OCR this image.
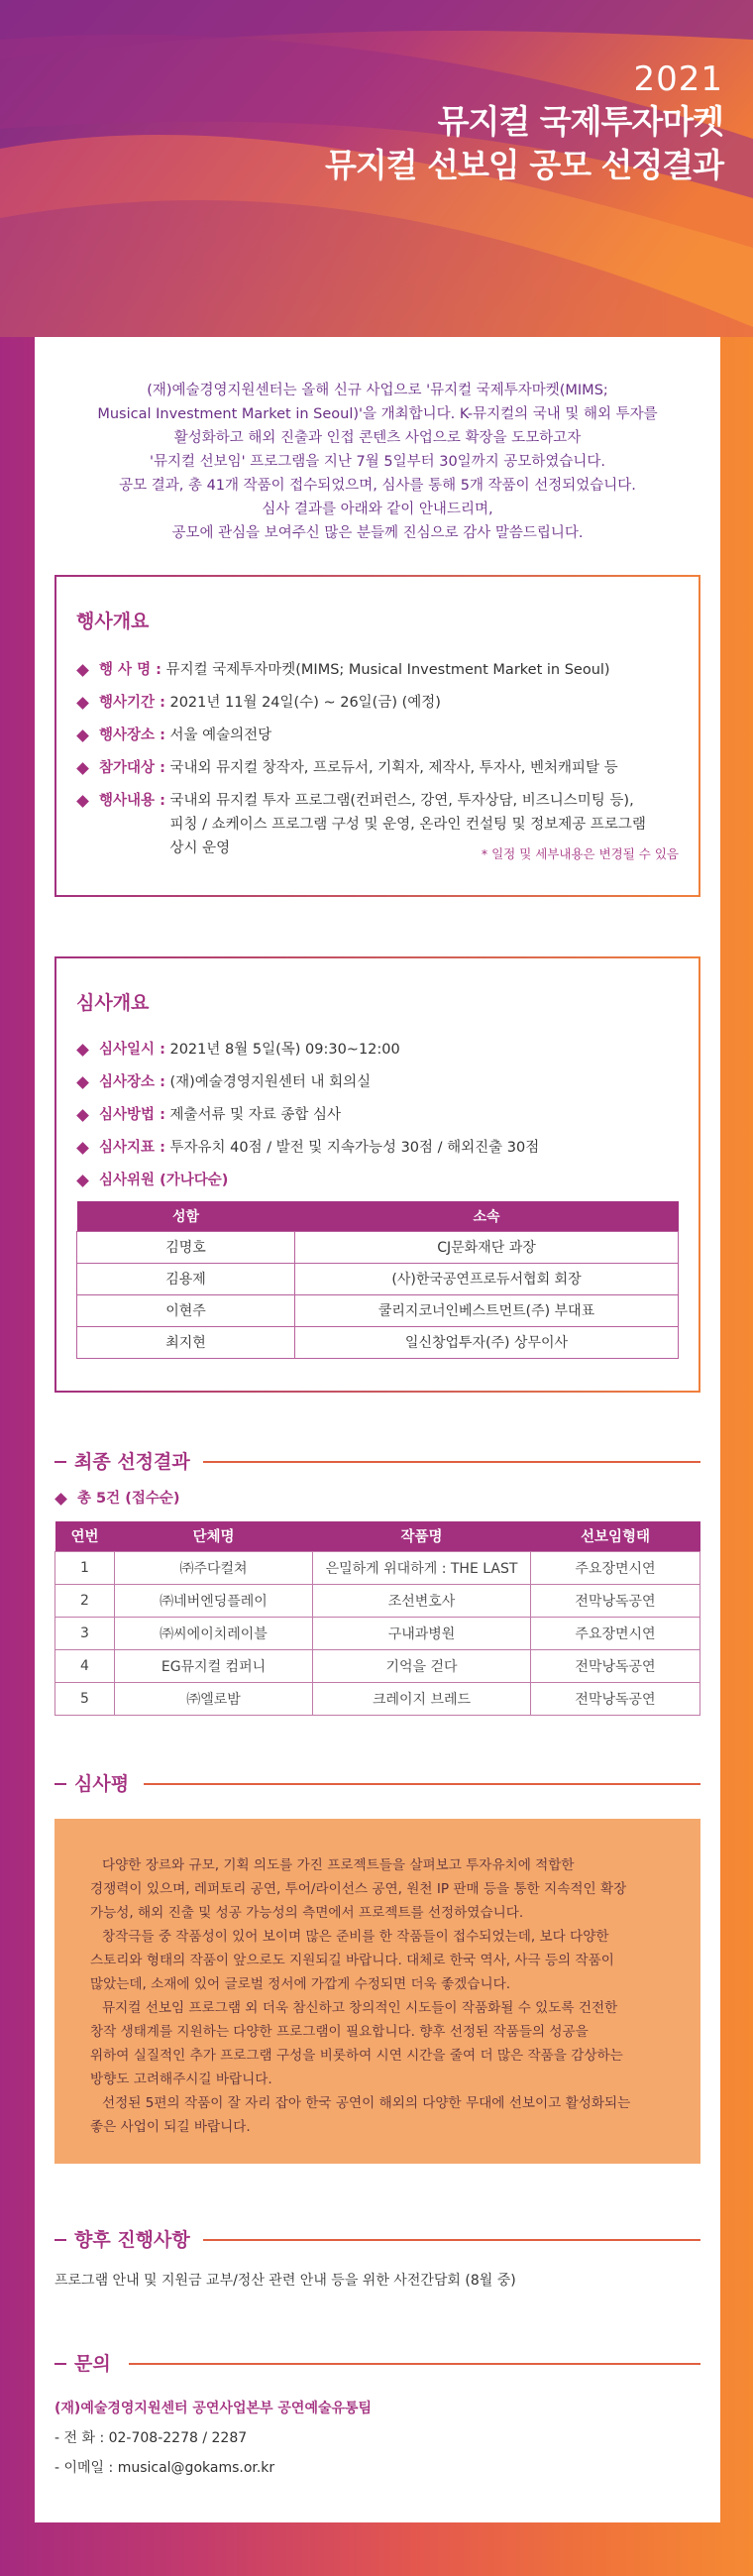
2021
뮤지컬 국제투자마켓
뮤지컬 선보임 공모 선정결과
(재)예술경영지원센터는 올해 신규 사업으로 '뮤지컬 국제투자마켓(MIMS;
Musical Investment Market in Seoul)'을 개최합니다. K-뮤지컬의 국내 및 해외 투자를
활성화하고 해외 진출과 인접 콘텐츠 사업으로 확장을 도모하고자
'뮤지컬 선보임' 프로그램을 지난 7월 5일부터 30일까지 공모하였습니다.
공모 결과, 총 41개 작품이 접수되었으며, 심사를 통해 5개 작품이 선정되었습니다.
심사 결과를 아래와 같이 안내드리며,
공모에 관심을 보여주신 많은 분들께 진심으로 감사 말씀드립니다.
행사개요
행 사 명 :
뮤지컬 국제투자마켓(MIMS; Musical Investment Market in Seoul)
행사기간 :
2021년 11월 24일(수) ~ 26일(금) (예정)
행사장소 :
서울 예술의전당
참가대상 :
국내외 뮤지컬 창작자, 프로듀서, 기획자, 제작사, 투자사, 벤처캐피탈 등
행사내용 :
국내외 뮤지컬 투자 프로그램(컨퍼런스, 강연, 투자상담, 비즈니스미팅 등),
피칭 / 쇼케이스 프로그램 구성 및 운영, 온라인 컨설팅 및 정보제공 프로그램
상시 운영	* 일정 및 세부내용은 변경될 수 있음
심사개요
심사일시 :
2021년 8월 5일(목) 09:30~12:00
심사장소 :
(재)예술경영지원센터 내 회의실
심사방법 :
제출서류 및 자료 종합 심사
심사지표 :
투자유치 40점 / 발전 및 지속가능성 30점 / 해외진출 30점
심사위원 (가나다순)
성함	소속
김명호	CJ문화재단 과장
김용제	(사)한국공연프로듀서협회 회장
이현주	쿨리지코너인베스트먼트(주) 부대표
최지현	일신창업투자(주) 상무이사
최종 선정결과
총 5건 (접수순)
연번	단체명	작품명	선보임형태
1	㈜주다컬쳐	은밀하게 위대하게 : THE LAST	주요장면시연
2	㈜네버엔딩플레이	조선변호사	전막낭독공연
3	㈜씨에이치레이블	구내과병원	주요장면시연
4	EG뮤지컬 컴퍼니	기억을 걷다	전막낭독공연
5	㈜엘로밤	크레이지 브레드	전막낭독공연
심사평

다양한 장르와 규모, 기획 의도를 가진 프로젝트들을 살펴보고 투자유치에 적합한

경쟁력이 있으며, 레퍼토리 공연, 투어/라이선스 공연, 원천 IP 판매 등을 통한 지속적인 확장

가능성, 해외 진출 및 성공 가능성의 측면에서 프로젝트를 선정하였습니다.

창작극들 중 작품성이 있어 보이며 많은 준비를 한 작품들이 접수되었는데, 보다 다양한

스토리와 형태의 작품이 앞으로도 지원되길 바랍니다. 대체로 한국 역사, 사극 등의 작품이

많았는데, 소재에 있어 글로벌 정서에 가깝게 수정되면 더욱 좋겠습니다.

뮤지컬 선보임 프로그램 외 더욱 참신하고 창의적인 시도들이 작품화될 수 있도록 건전한

창작 생태계를 지원하는 다양한 프로그램이 필요합니다. 향후 선정된 작품들의 성공을

위하여 실질적인 추가 프로그램 구성을 비롯하여 시연 시간을 줄여 더 많은 작품을 감상하는

방향도 고려해주시길 바랍니다.

선정된 5편의 작품이 잘 자리 잡아 한국 공연이 해외의 다양한 무대에 선보이고 활성화되는

좋은 사업이 되길 바랍니다.

향후 진행사항
프로그램 안내 및 지원금 교부/정산 관련 안내 등을 위한 사전간담회 (8월 중)
문의
(재)예술경영지원센터 공연사업본부 공연예술유통팀
- 전 화 : 02-708-2278 / 2287
- 이메일 : musical@gokams.or.kr
